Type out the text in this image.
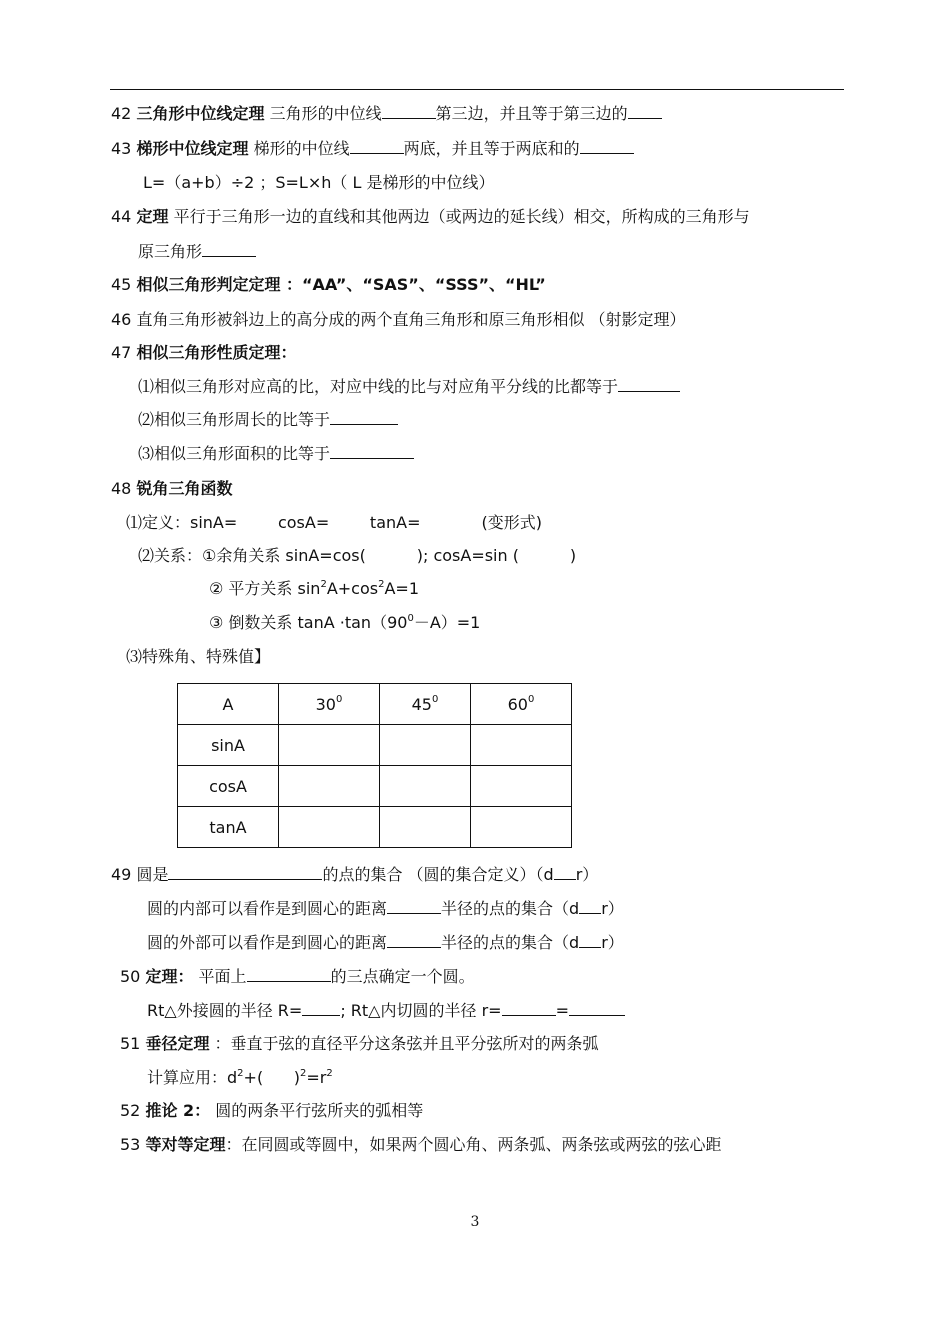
42 三角形中位线定理 三角形的中位线	第三边，并且等于第三边的
43 梯形中位线定理 梯形的中位线	两底，并且等于两底和的
L=（a+b）÷2 ；S=L×h（ L 是梯形的中位线）
44 定理 平行于三角形一边的直线和其他两边（或两边的延长线）相交，所构成的三角形与
原三角形
45 相似三角形判定定理 ：“AA”、“SAS”、“SSS”、“HL”
46 直角三角形被斜边上的高分成的两个直角三角形和原三角形相似 （射影定理）
47 相似三角形性质定理：
⑴相似三角形对应高的比，对应中线的比与对应角平分线的比都等于
⑵相似三角形周长的比等于
⑶相似三角形面积的比等于
48 锐角三角函数
⑴定义：sinA=        cosA=        tanA=            (变形式)
⑵关系：①余角关系 sinA=cos(          ); cosA=sin (          )
② 平方关系 $\sin^2A+\cos^2A=1$
③ 倒数关系 $\tan A \cdot\tan(90^0-A)=1$
⑶特殊角、特殊值】
A	$30^0$	$45^0$	$60^0$
sinA			
cosA			
tanA			
49 圆是	的点的集合 （圆的集合定义）（d r）
圆的内部可以看作是到圆心的距离	半径的点的集合（d r）
圆的外部可以看作是到圆心的距离	半径的点的集合（d r）
50 定理： 平面上	的三点确定一个圆。
Rt△外接圆的半径 R= ; Rt△内切圆的半径 r=	=
51 垂径定理 ：垂直于弦的直径平分这条弦并且平分弦所对的两条弧
计算应用：$d^2+$(      )$^2=r^2$
52 推论 2： 圆的两条平行弦所夹的弧相等
53 等对等定理：在同圆或等圆中，如果两个圆心角、两条弧、两条弦或两弦的弦心距
3
